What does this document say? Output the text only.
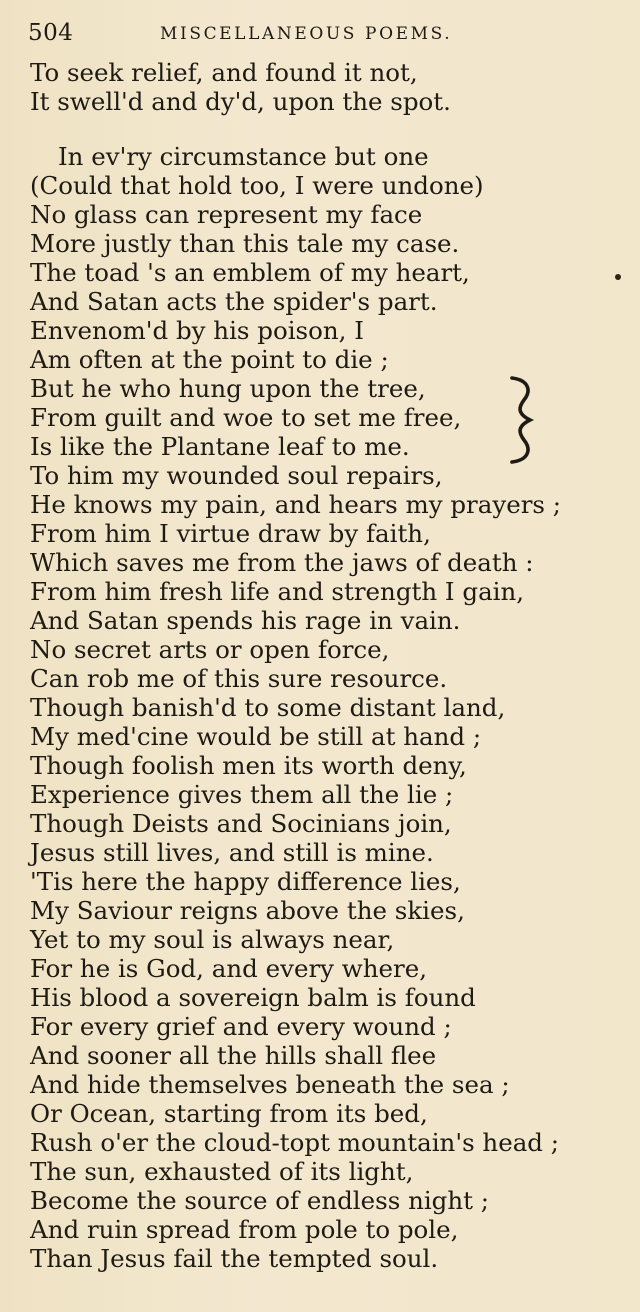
504	MISCELLANEOUS POEMS.
To seek relief, and found it not,
It swell'd and dy'd, upon the spot.
In ev'ry circumstance but one
(Could that hold too, I were undone)
No glass can represent my face
More justly than this tale my case.
The toad 's an emblem of my heart,
And Satan acts the spider's part.
Envenom'd by his poison, I
Am often at the point to die ;
But he who hung upon the tree,
From guilt and woe to set me free,
Is like the Plantane leaf to me.
To him my wounded soul repairs,
He knows my pain, and hears my prayers ;
From him I virtue draw by faith,
Which saves me from the jaws of death :
From him fresh life and strength I gain,
And Satan spends his rage in vain.
No secret arts or open force,
Can rob me of this sure resource.
Though banish'd to some distant land,
My med'cine would be still at hand ;
Though foolish men its worth deny,
Experience gives them all the lie ;
Though Deists and Socinians join,
Jesus still lives, and still is mine.
'Tis here the happy difference lies,
My Saviour reigns above the skies,
Yet to my soul is always near,
For he is God, and every where,
His blood a sovereign balm is found
For every grief and every wound ;
And sooner all the hills shall flee
And hide themselves beneath the sea ;
Or Ocean, starting from its bed,
Rush o'er the cloud-topt mountain's head ;
The sun, exhausted of its light,
Become the source of endless night ;
And ruin spread from pole to pole,
Than Jesus fail the tempted soul.
